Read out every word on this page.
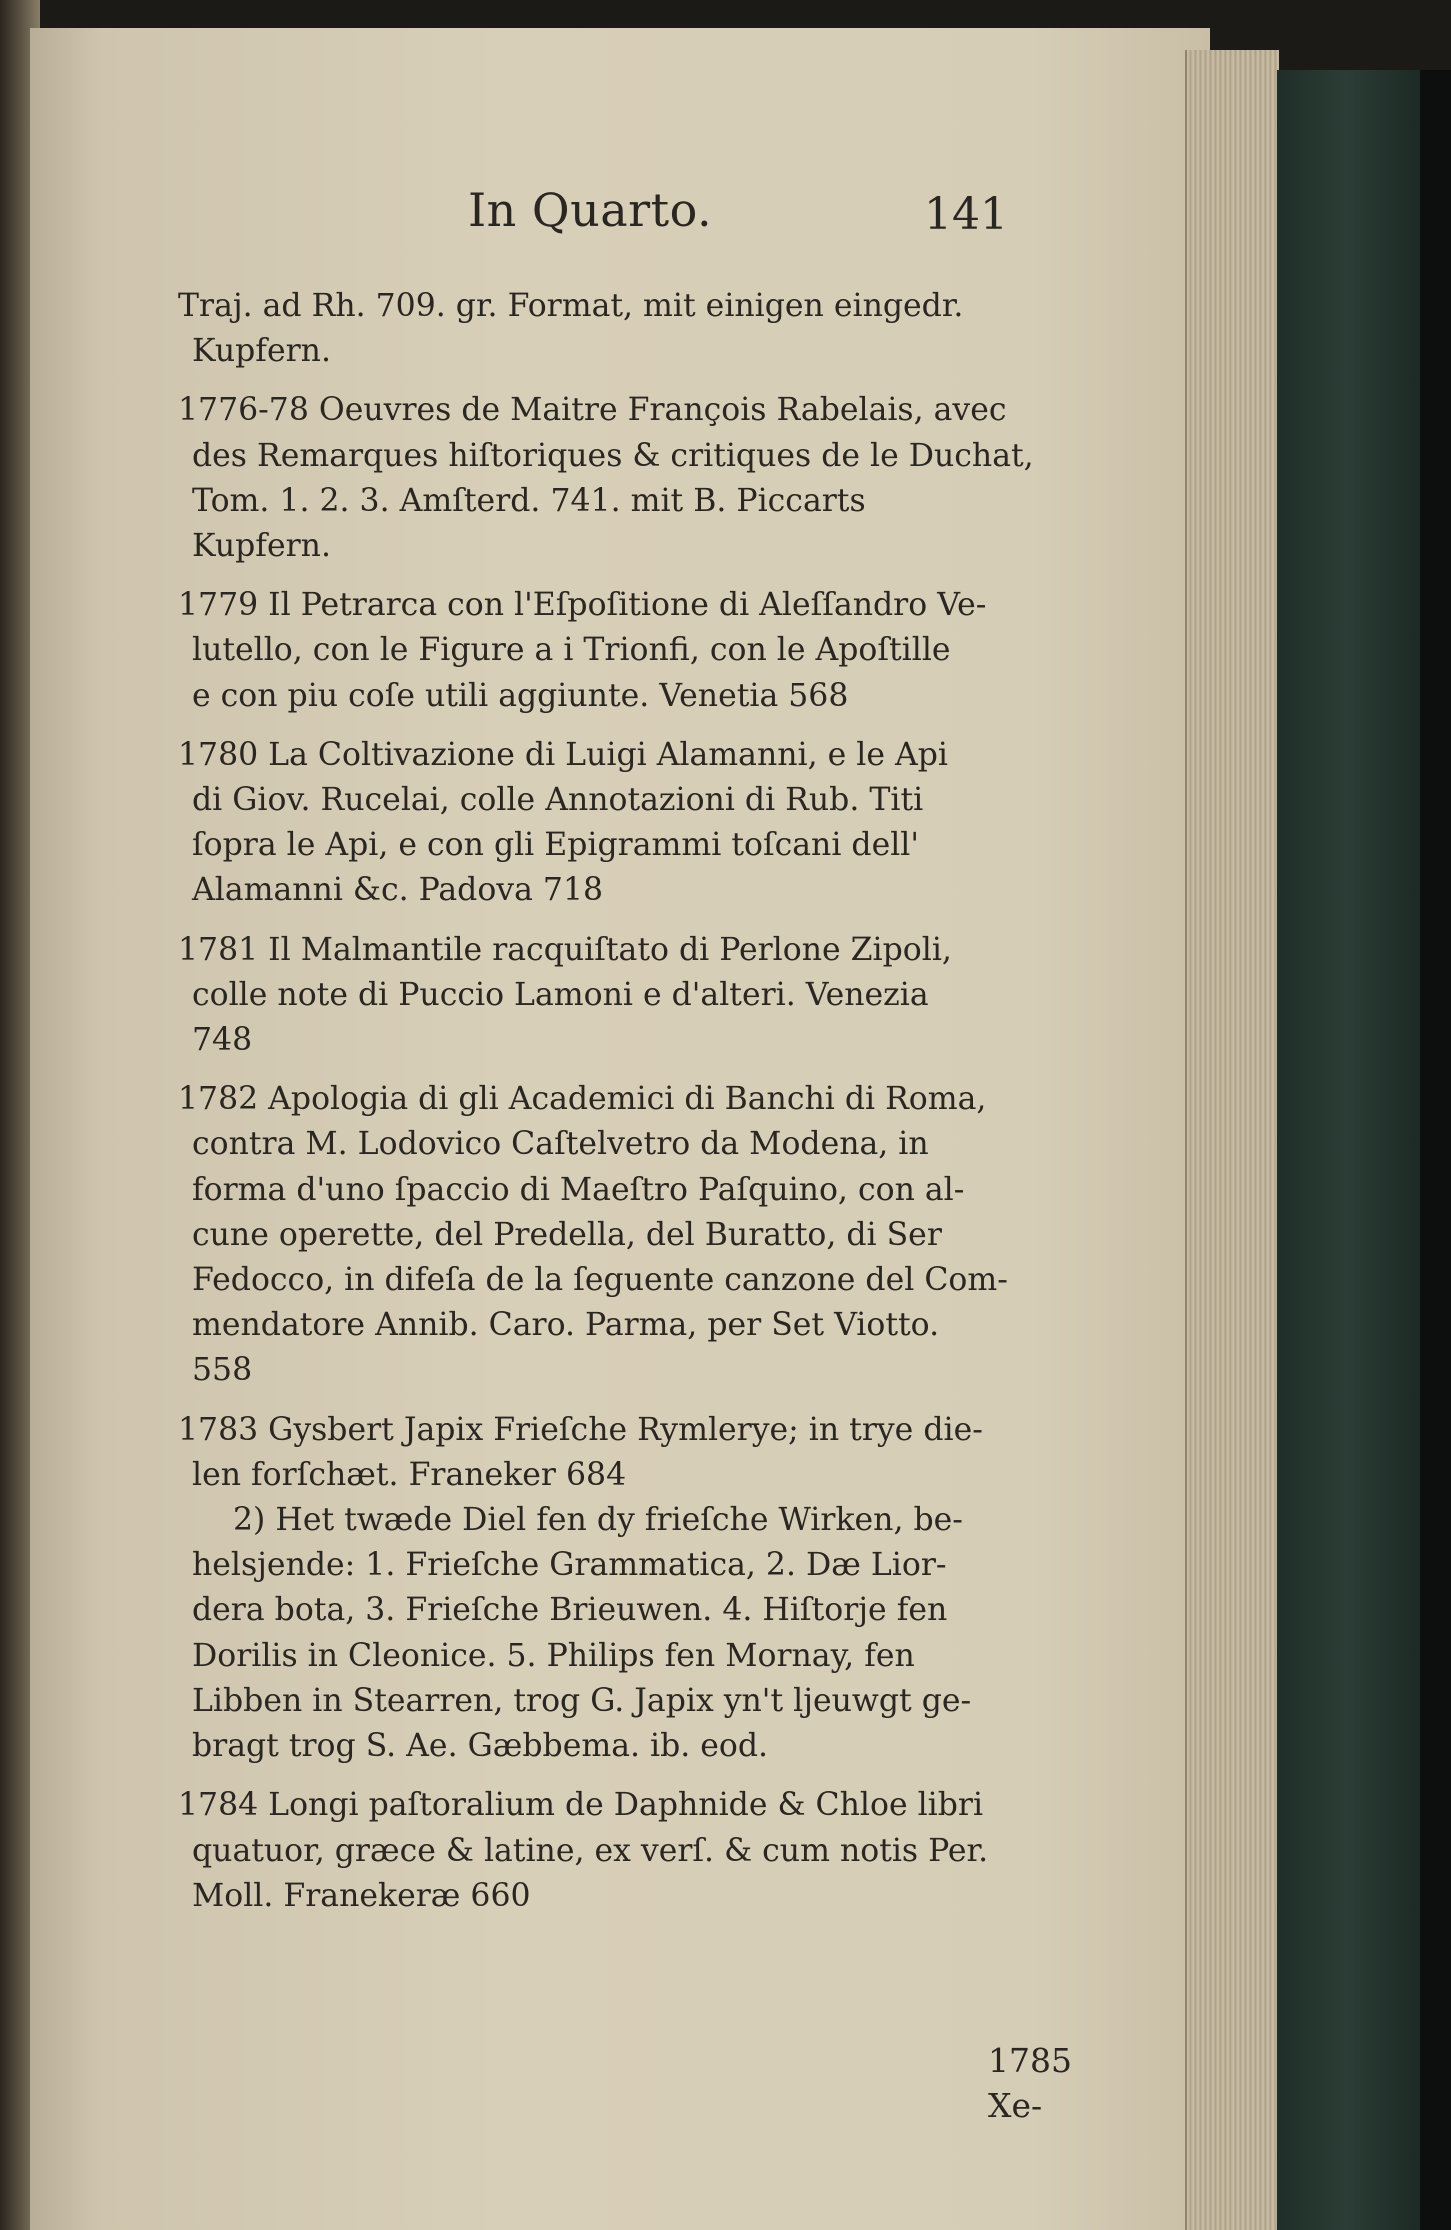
In Quarto.	141
Traj. ad Rh. 709. gr. Format, mit einigen eingedr.
Kupfern.
1776-78 Oeuvres de Maitre François Rabelais, avec
des Remarques hiſtoriques & critiques de le Duchat,
Tom. 1. 2. 3. Amſterd. 741. mit B. Piccarts
Kupfern.
1779 Il Petrarca con l'Eſpoſitione di Aleſſandro Ve-
lutello, con le Figure a i Trionfi, con le Apoſtille
e con piu coſe utili aggiunte. Venetia 568
1780 La Coltivazione di Luigi Alamanni, e le Api
di Giov. Rucelai, colle Annotazioni di Rub. Titi
ſopra le Api, e con gli Epigrammi toſcani dell'
Alamanni &c. Padova 718
1781 Il Malmantile racquiſtato di Perlone Zipoli,
colle note di Puccio Lamoni e d'alteri. Venezia
748
1782 Apologia di gli Academici di Banchi di Roma,
contra M. Lodovico Caſtelvetro da Modena, in
forma d'uno ſpaccio di Maeſtro Paſquino, con al-
cune operette, del Predella, del Buratto, di Ser
Fedocco, in difeſa de la ſeguente canzone del Com-
mendatore Annib. Caro. Parma, per Set Viotto.
558
1783 Gysbert Japix Frieſche Rymlerye; in trye die-
len forſchæt. Franeker 684
2) Het twæde Diel fen dy frieſche Wirken, be-
helsjende: 1. Frieſche Grammatica, 2. Dæ Lior-
dera bota, 3. Frieſche Brieuwen. 4. Hiſtorje fen
Dorilis in Cleonice. 5. Philips fen Mornay, fen
Libben in Stearren, trog G. Japix yn't ljeuwgt ge-
bragt trog S. Ae. Gæbbema. ib. eod.
1784 Longi paſtoralium de Daphnide & Chloe libri
quatuor, græce & latine, ex verſ. & cum notis Per.
Moll. Franekeræ 660
1785 Xe-
